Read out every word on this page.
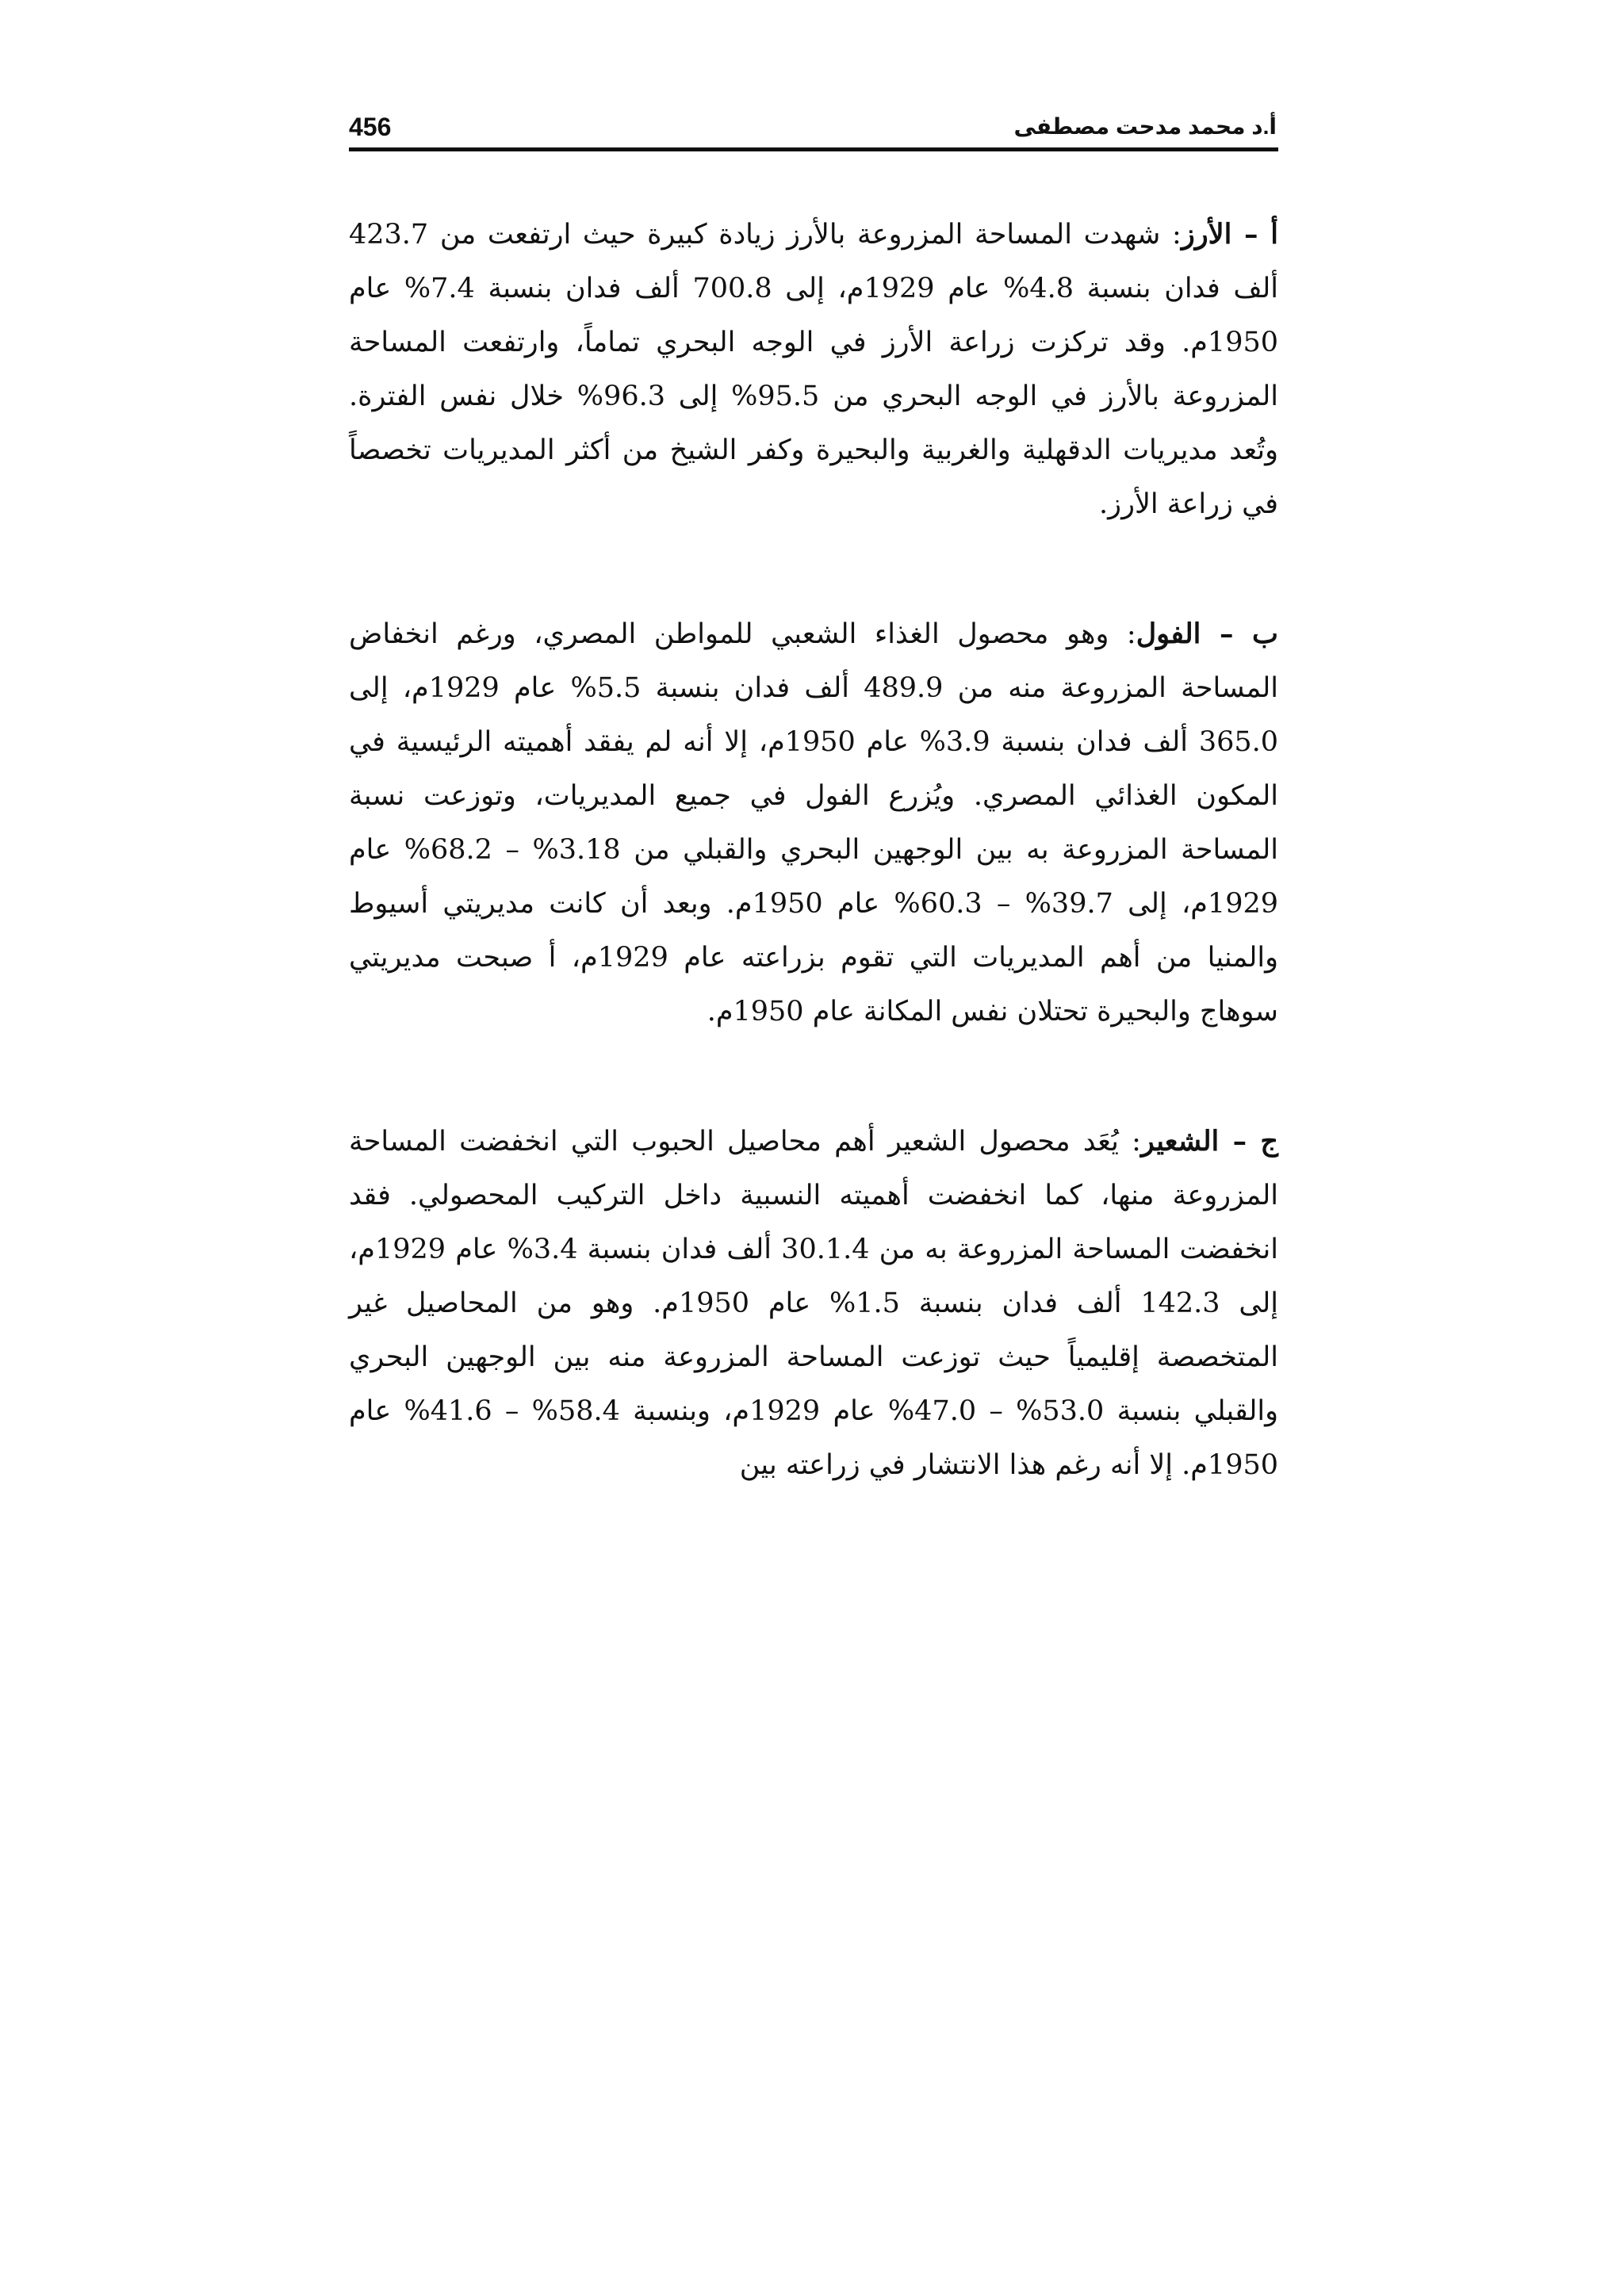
456	أ.د محمد مدحت مصطفى

أ – الأرز: شهدت المساحة المزروعة بالأرز زيادة كبيرة حيث ارتفعت من 423.7 ألف فدان بنسبة 4.8% عام 1929م، إلى 700.8 ألف فدان بنسبة 7.4% عام 1950م. وقد تركزت زراعة الأرز في الوجه البحري تماماً، وارتفعت المساحة المزروعة بالأرز في الوجه البحري من 95.5% إلى 96.3% خلال نفس الفترة. وتُعد مديريات الدقهلية والغربية والبحيرة وكفر الشيخ من أكثر المديريات تخصصاً في زراعة الأرز.

ب – الفول: وهو محصول الغذاء الشعبي للمواطن المصري، ورغم انخفاض المساحة المزروعة منه من 489.9 ألف فدان بنسبة 5.5% عام 1929م، إلى 365.0 ألف فدان بنسبة 3.9% عام 1950م، إلا أنه لم يفقد أهميته الرئيسية في المكون الغذائي المصري. ويُزرع الفول في جميع المديريات، وتوزعت نسبة المساحة المزروعة به بين الوجهين البحري والقبلي من 3.18% – 68.2% عام 1929م، إلى 39.7% – 60.3% عام 1950م. وبعد أن كانت مديريتي أسيوط والمنيا من أهم المديريات التي تقوم بزراعته عام 1929م، أ صبحت مديريتي سوهاج والبحيرة تحتلان نفس المكانة عام 1950م.

ج – الشعير: يُعَد محصول الشعير أهم محاصيل الحبوب التي انخفضت المساحة المزروعة منها، كما انخفضت أهميته النسبية داخل التركيب المحصولي. فقد انخفضت المساحة المزروعة به من 30.1.4 ألف فدان بنسبة 3.4% عام 1929م، إلى 142.3 ألف فدان بنسبة 1.5% عام 1950م. وهو من المحاصيل غير المتخصصة إقليمياً حيث توزعت المساحة المزروعة منه بين الوجهين البحري والقبلي بنسبة 53.0% – 47.0% عام 1929م، وبنسبة 58.4% – 41.6% عام 1950م. إلا أنه رغم هذا الانتشار في زراعته بين
